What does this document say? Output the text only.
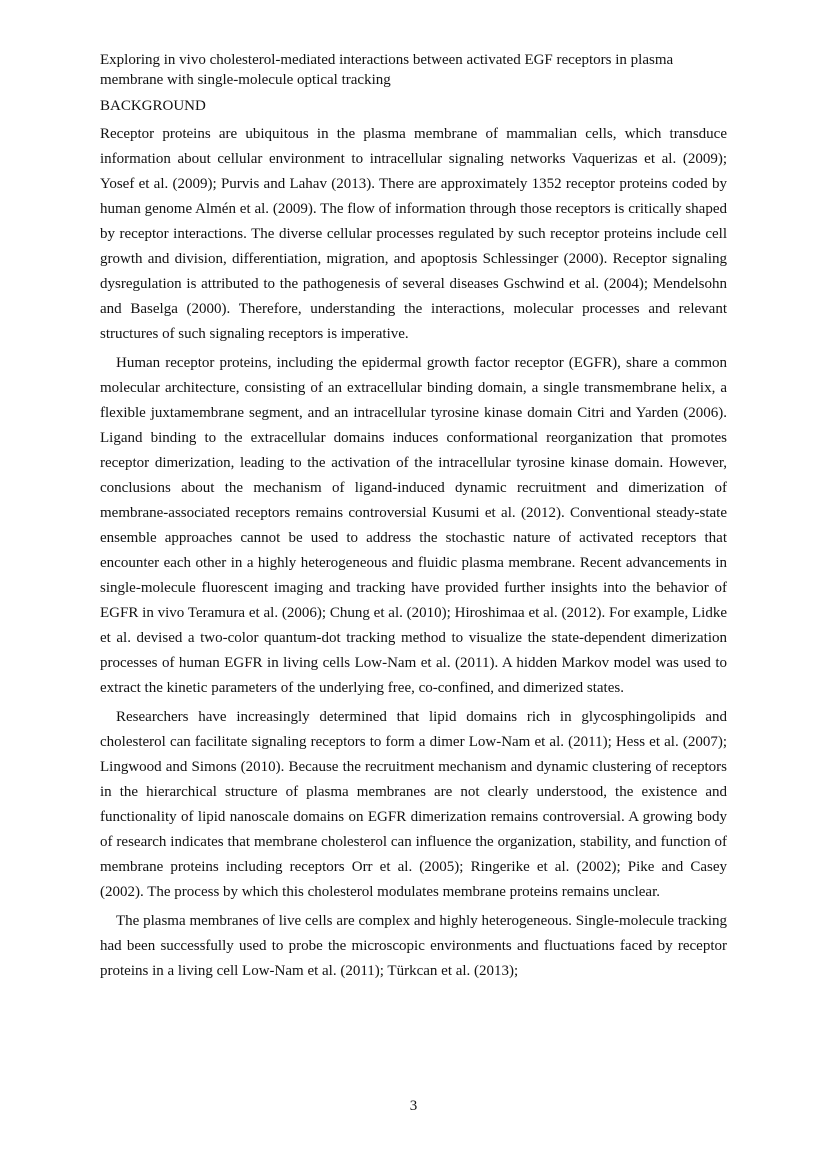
Exploring in vivo cholesterol-mediated interactions between activated EGF receptors in plasma membrane with single-molecule optical tracking
BACKGROUND

Receptor proteins are ubiquitous in the plasma membrane of mammalian cells, which transduce information about cellular environment to intracellular signaling networks Vaquerizas et al. (2009); Yosef et al. (2009); Purvis and Lahav (2013). There are approximately 1352 receptor proteins coded by human genome Almén et al. (2009). The flow of information through those receptors is critically shaped by receptor interactions. The diverse cellular processes regulated by such receptor proteins include cell growth and division, differentiation, migration, and apoptosis Schlessinger (2000). Receptor signaling dysregulation is attributed to the pathogenesis of several diseases Gschwind et al. (2004); Mendelsohn and Baselga (2000). Therefore, understanding the interactions, molecular processes and relevant structures of such signaling receptors is imperative.

Human receptor proteins, including the epidermal growth factor receptor (EGFR), share a common molecular architecture, consisting of an extracellular binding domain, a single transmembrane helix, a flexible juxtamembrane segment, and an intracellular tyrosine kinase domain Citri and Yarden (2006). Ligand binding to the extracellular domains induces conformational reorganization that promotes receptor dimerization, leading to the activation of the intracellular tyrosine kinase domain. However, conclusions about the mechanism of ligand-induced dynamic recruitment and dimerization of membrane-associated receptors remains controversial Kusumi et al. (2012). Conventional steady-state ensemble approaches cannot be used to address the stochastic nature of activated receptors that encounter each other in a highly heterogeneous and fluidic plasma membrane. Recent advancements in single-molecule fluorescent imaging and tracking have provided further insights into the behavior of EGFR in vivo Teramura et al. (2006); Chung et al. (2010); Hiroshimaa et al. (2012). For example, Lidke et al. devised a two-color quantum-dot tracking method to visualize the state-dependent dimerization processes of human EGFR in living cells Low-Nam et al. (2011). A hidden Markov model was used to extract the kinetic parameters of the underlying free, co-confined, and dimerized states.

Researchers have increasingly determined that lipid domains rich in glycosphingolipids and cholesterol can facilitate signaling receptors to form a dimer Low-Nam et al. (2011); Hess et al. (2007); Lingwood and Simons (2010). Because the recruitment mechanism and dynamic clustering of receptors in the hierarchical structure of plasma membranes are not clearly understood, the existence and functionality of lipid nanoscale domains on EGFR dimerization remains controversial. A growing body of research indicates that membrane cholesterol can influence the organization, stability, and function of membrane proteins including receptors Orr et al. (2005); Ringerike et al. (2002); Pike and Casey (2002). The process by which this cholesterol modulates membrane proteins remains unclear.

The plasma membranes of live cells are complex and highly heterogeneous. Single-molecule tracking had been successfully used to probe the microscopic environments and fluctuations faced by receptor proteins in a living cell Low-Nam et al. (2011); Türkcan et al. (2013);

3
